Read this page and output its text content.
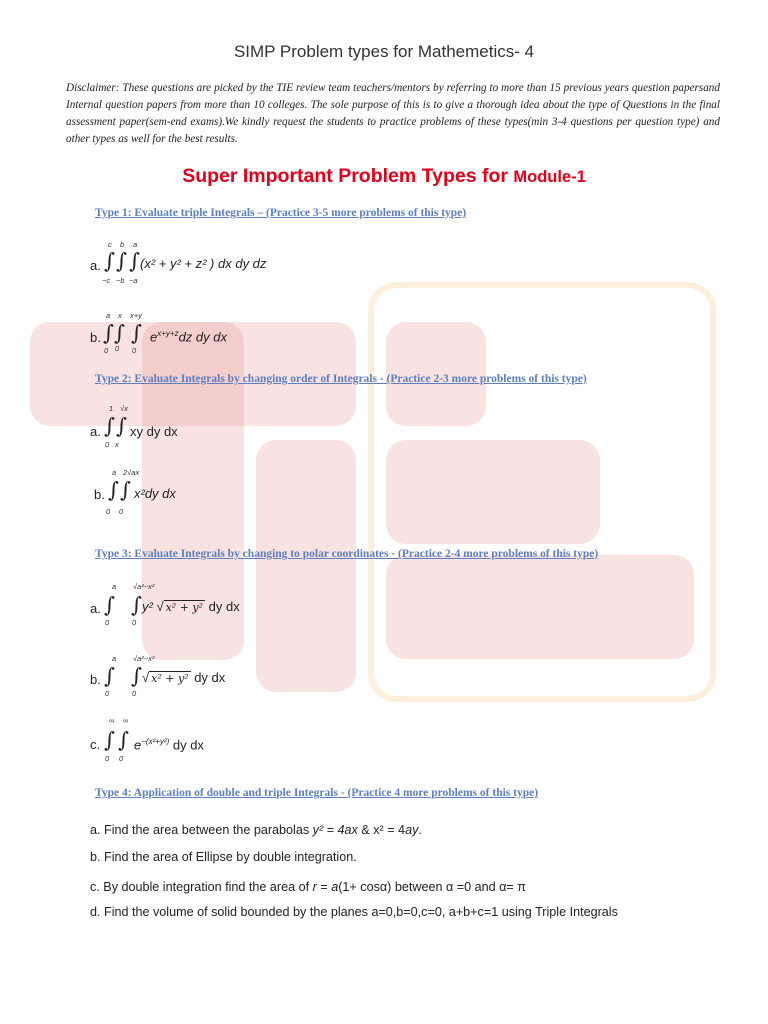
SIMP Problem types for Mathemetics- 4
Disclaimer: These questions are picked by the TIE review team teachers/mentors by referring to more than 15 previous years question papersand Internal question papers from more than 10 colleges. The sole purpose of this is to give a thorough idea about the type of Questions in the final assessment paper(sem-end exams).We kindly request the students to practice problems of these types(min 3-4 questions per question type) and other types as well for the best results.
Super Important Problem Types for Module-1
Type 1: Evaluate triple Integrals – (Practice 3-5 more problems of this type)
a.
c b a
∫ ∫ ∫
−c −b −a
(x² + y² + z² ) dx dy dz
b.
a x x+y
∫ ∫ ∫
0 0 0
$e^{x+y+z}dz$ dy dx
Type 2: Evaluate Integrals by changing order of Integrals - (Practice 2-3 more problems of this type)
a.
1 √x
∫ ∫
0 x
xy dy dx
b.
a 2√ax
∫ ∫
0 0
x²dy dx
Type 3: Evaluate Integrals by changing to polar coordinates - (Practice 2-4 more problems of this type)
a.
a √a²−x²
∫ ∫
0	0
y² √ x² + y² dy dx
b.
a √a²−x²
∫ ∫
0	0
√ x² + y² dy dx
c.
∞ ∞
∫ ∫
0 0
$e^{-(x^2+y^2)}$ dy dx
Type 4: Application of double and triple Integrals - (Practice 4 more problems of this type)
a. Find the area between the parabolas y² = 4ax & x² = 4ay.
b. Find the area of Ellipse by double integration.
c. By double integration find the area of r = a(1+ cosα) between α =0 and α= π
d. Find the volume of solid bounded by the planes a=0,b=0,c=0, a+b+c=1 using Triple Integrals
